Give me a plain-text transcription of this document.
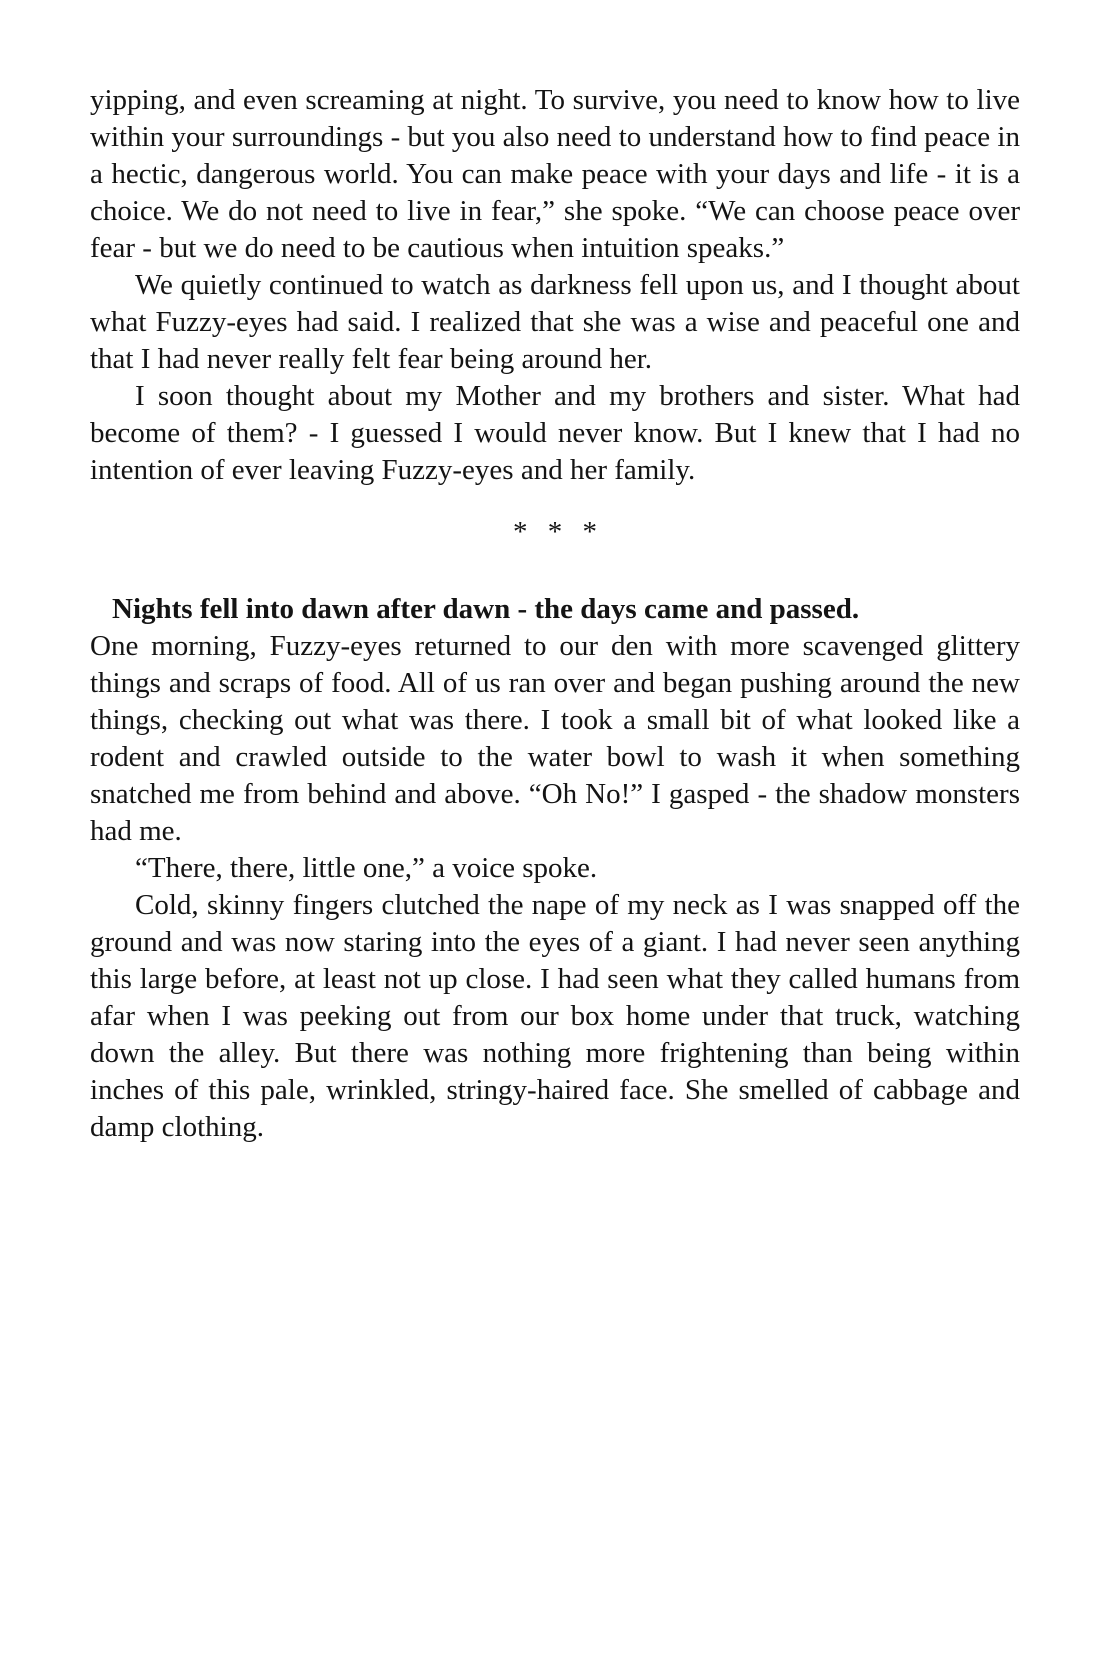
yipping, and even screaming at night. To survive, you need to know how to live within your surroundings - but you also need to understand how to find peace in a hectic, dangerous world. You can make peace with your days and life - it is a choice. We do not need to live in fear,” she spoke. “We can choose peace over fear - but we do need to be cautious when intuition speaks.”

We quietly continued to watch as darkness fell upon us, and I thought about what Fuzzy-eyes had said. I realized that she was a wise and peaceful one and that I had never really felt fear being around her.

I soon thought about my Mother and my brothers and sister. What had become of them? - I guessed I would never know. But I knew that I had no intention of ever leaving Fuzzy-eyes and her family.

* * *

Nights fell into dawn after dawn - the days came and passed.

One morning, Fuzzy-eyes returned to our den with more scavenged glittery things and scraps of food. All of us ran over and began pushing around the new things, checking out what was there. I took a small bit of what looked like a rodent and crawled outside to the water bowl to wash it when something snatched me from behind and above. “Oh No!” I gasped - the shadow monsters had me.

“There, there, little one,” a voice spoke.

Cold, skinny fingers clutched the nape of my neck as I was snapped off the ground and was now staring into the eyes of a giant. I had never seen anything this large before, at least not up close. I had seen what they called humans from afar when I was peeking out from our box home under that truck, watching down the alley. But there was nothing more frightening than being within inches of this pale, wrinkled, stringy-haired face. She smelled of cabbage and damp clothing.
